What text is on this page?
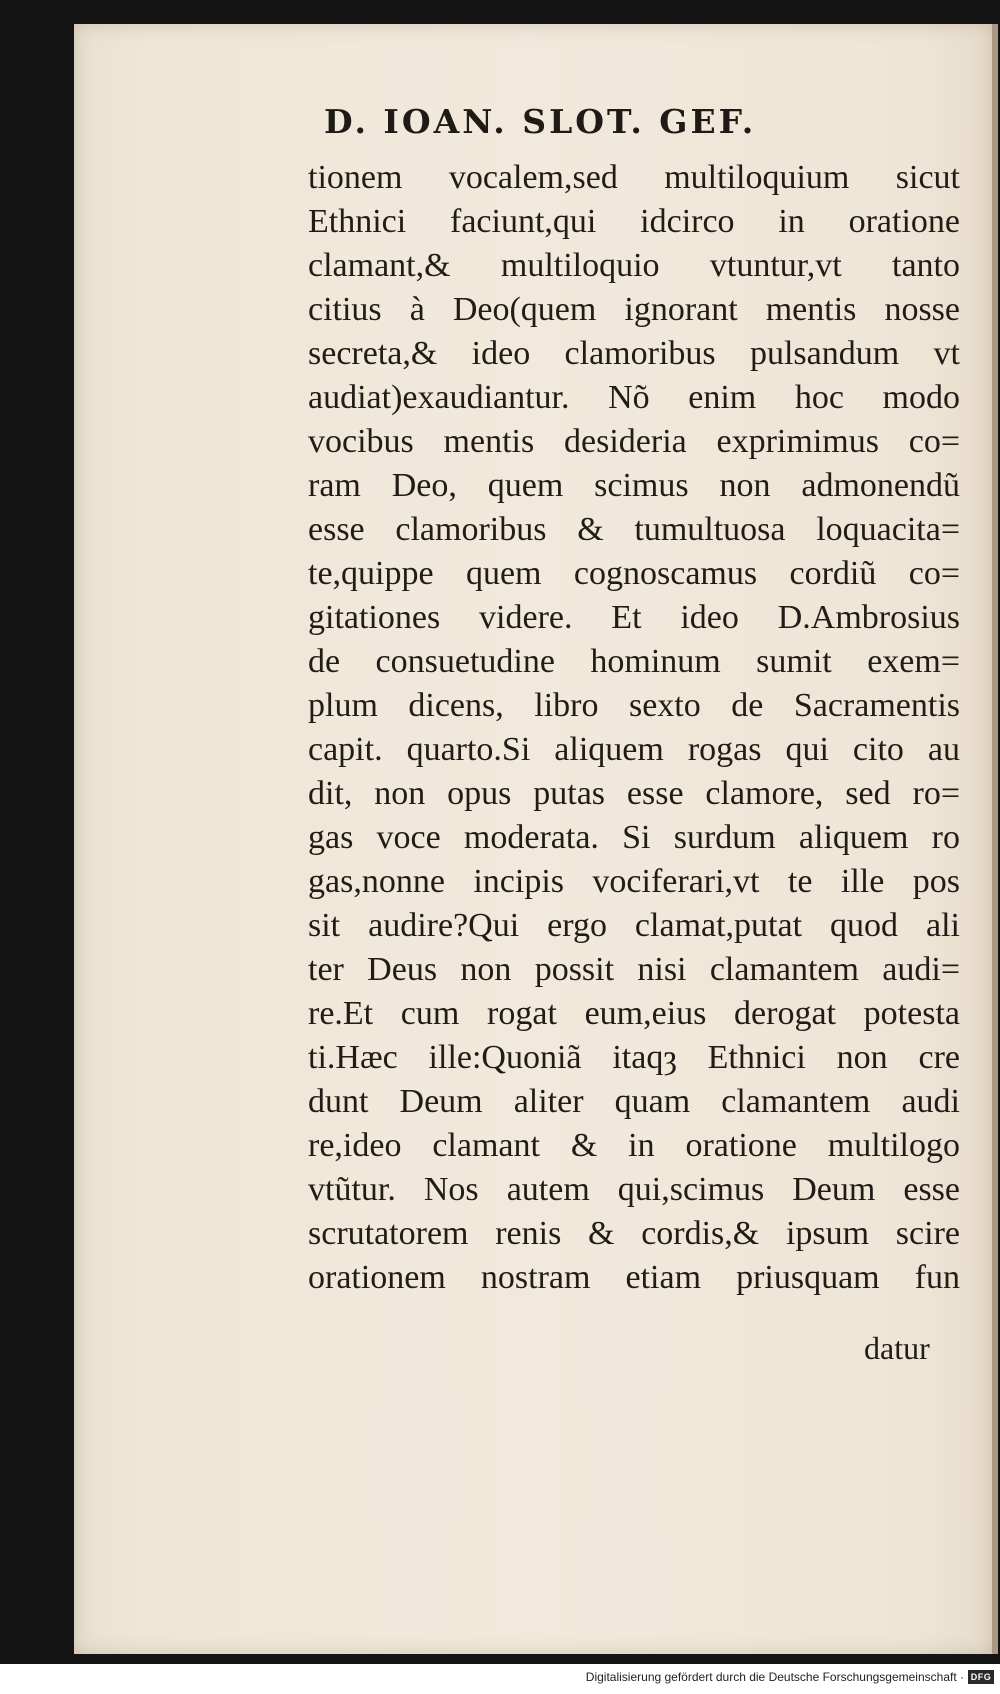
D. IOAN. SLOT. GEF.
tionem vocalem,sed multiloquium sicut
Ethnici faciunt,qui idcirco in oratione
clamant,& multiloquio vtuntur,vt tanto
citius à Deo(quem ignorant mentis nosse
secreta,& ideo clamoribus pulsandum vt
audiat)exaudiantur. Nõ enim hoc modo
vocibus mentis desideria exprimimus co=
ram Deo, quem scimus non admonendũ
esse clamoribus & tumultuosa loquacita=
te,quippe quem cognoscamus cordiũ co=
gitationes videre. Et ideo D.Ambrosius
de consuetudine hominum sumit exem=
plum dicens, libro sexto de Sacramentis
capit. quarto.Si aliquem rogas qui cito au
dit, non opus putas esse clamore, sed ro=
gas voce moderata. Si surdum aliquem ro
gas,nonne incipis vociferari,vt te ille pos
sit audire?Qui ergo clamat,putat quod ali
ter Deus non possit nisi clamantem audi=
re.Et cum rogat eum,eius derogat potesta
ti.Hæc ille:Quoniã itaqȝ Ethnici non cre
dunt Deum aliter quam clamantem audi
re,ideo clamant & in oratione multilogo
vtũtur. Nos autem qui,scimus Deum esse
scrutatorem renis & cordis,& ipsum scire
orationem nostram etiam priusquam fun
datur
Digitalisierung gefördert durch die Deutsche Forschungsgemeinschaft · DFG
